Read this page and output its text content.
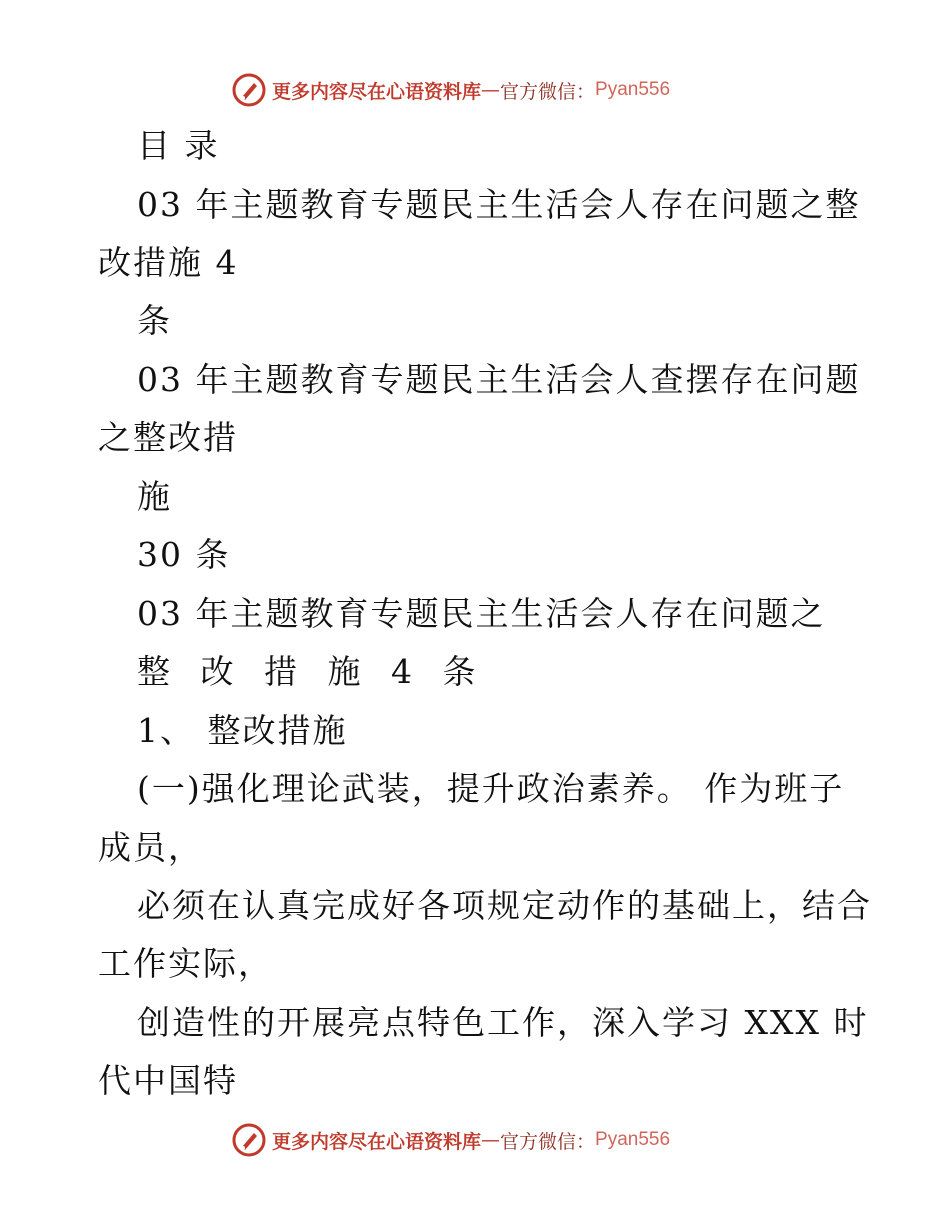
更多内容尽在心语资料库 — 官方微信： Pyan556
目 录
03 年主题教育专题民主生活会人存在问题之整
改措施 4
条
03 年主题教育专题民主生活会人查摆存在问题
之整改措
施
30 条
03 年主题教育专题民主生活会人存在问题之
整 改 措 施 4 条
1、 整改措施
(一)强化理论武装，提升政治素养。 作为班子
成员，
必须在认真完成好各项规定动作的基础上，结合
工作实际，
创造性的开展亮点特色工作，深入学习 XXX 时
代中国特
更多内容尽在心语资料库 — 官方微信： Pyan556
